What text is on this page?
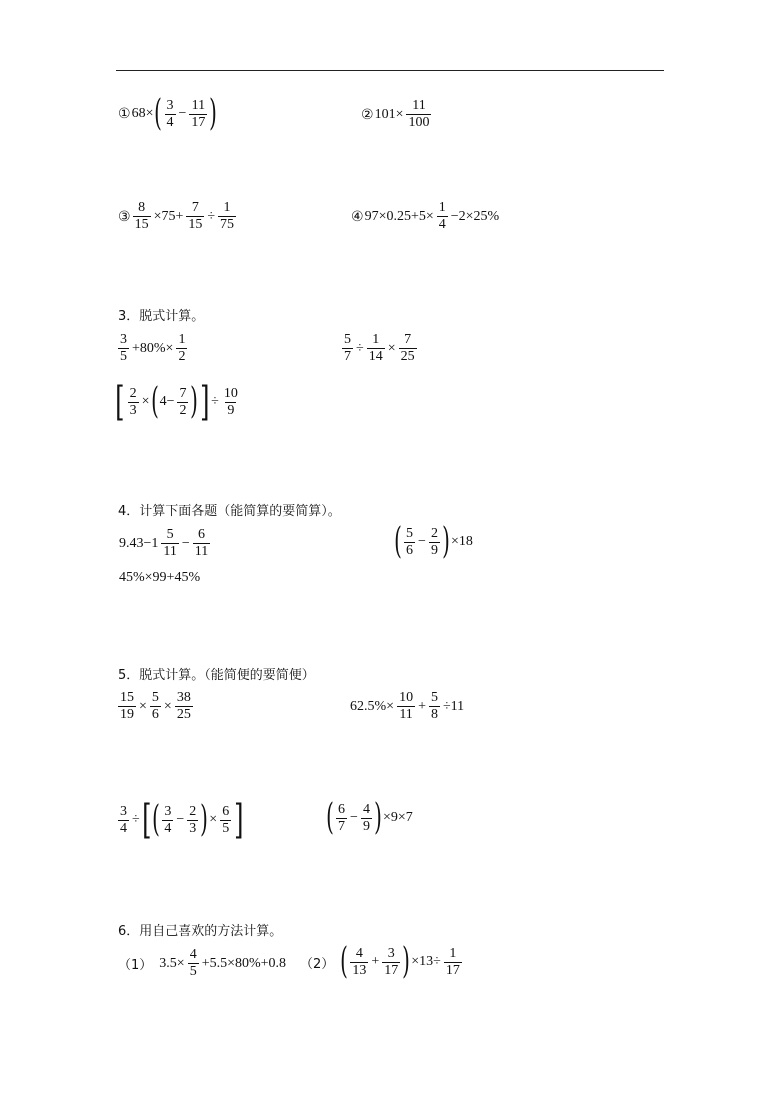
① 68× ( $\frac{3}{4} - \frac{11}{17}$ )	② $101\times \frac{11}{100}$
③ $\frac{8}{15} \times 75+ \frac{7}{15} \div \frac{1}{75}$	④ $97\times 0.25+5\times \frac{1}{4} -2\times 25\%$
3．脱式计算。
$\frac{3}{5} +80\%\times \frac{1}{2}$	$\frac{5}{7} \div \frac{1}{14} \times \frac{7}{25}$
[ $\frac{2}{3}$ × ( $4- \frac{7}{2}$ ) ] ÷ $\frac{10}{9}$
4．计算下面各题（能简算的要简算）。
$9.43-1 \frac{5}{11} - \frac{6}{11}$	( $\frac{5}{6} - \frac{2}{9}$ ) ×18
45%×99+45%
5．脱式计算。（能简便的要简便）
$\frac{15}{19} \times \frac{5}{6} \times \frac{38}{25}$	$62.5\%\times \frac{10}{11} + \frac{5}{8} \div 11$
$\frac{3}{4}$ ÷ [ ( $\frac{3}{4} - \frac{2}{3}$ ) × $\frac{6}{5}$ ] ( $\frac{6}{7} - \frac{4}{9}$ ) ×9×7
6．用自己喜欢的方法计算。
（1） $3.5\times \frac{4}{5} +5.5\times 80\%+0.8$ （2） ( $\frac{4}{13} + \frac{3}{17}$ ) $\times 13\div \frac{1}{17}$
